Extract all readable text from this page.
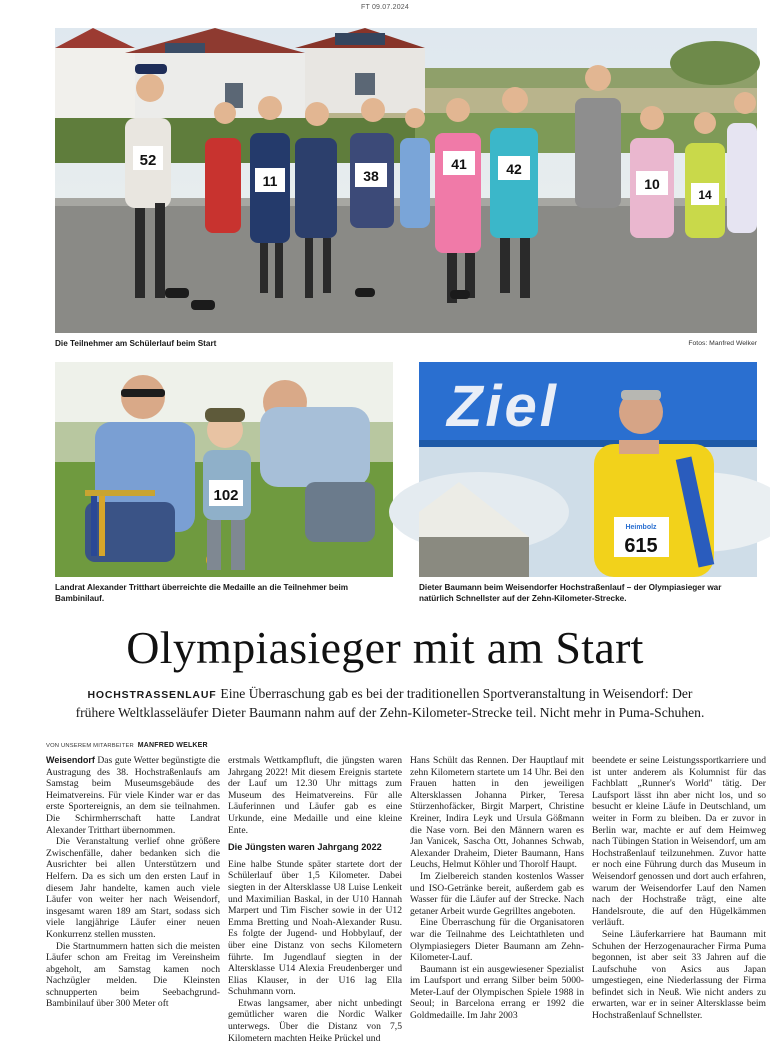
FT 09.07.2024
52
11	38
41	42
10
14
Die Teilnehmer am Schülerlauf beim Start	Fotos: Manfred Welker
102
Landrat Alexander Tritthart überreichte die Medaille an die Teilnehmer beim Bambinilauf.
Ziel
Heimbolz
615
Dieter Baumann beim Weisendorfer Hochstraßenlauf – der Olympiasieger war natürlich Schnellster auf der Zehn-Kilometer-Strecke.
Olympiasieger mit am Start
HOCHSTRASSENLAUF Eine Überraschung gab es bei der traditionellen Sportveranstaltung in Weisendorf: Der frühere Weltklasseläufer Dieter Baumann nahm auf der Zehn-Kilometer-Strecke teil. Nicht mehr in Puma-Schuhen.
VON UNSEREM MITARBEITER MANFRED WELKER

Weisendorf Das gute Wetter begünstigte die Austragung des 38. Hochstraßenlaufs am Samstag beim Museumsgebäude des Heimatvereins. Für viele Kinder war er das erste Sportereignis, an dem sie teilnahmen. Die Schirmherrschaft hatte Landrat Alexander Tritthart übernommen.

Die Veranstaltung verlief ohne größere Zwischenfälle, daher bedanken sich die Ausrichter bei allen Unterstützern und Helfern. Da es sich um den ersten Lauf in diesem Jahr handelte, kamen auch viele Läufer von weiter her nach Weisendorf, insgesamt waren 189 am Start, sodass sich viele langjährige Läufer einer neuen Konkurrenz stellen mussten.

Die Startnummern hatten sich die meisten Läufer schon am Freitag im Vereinsheim abgeholt, am Samstag kamen noch Nachzügler melden. Die Kleinsten schnupperten beim Seebachgrund-Bambinilauf über 300 Meter oft

erstmals Wettkampfluft, die jüngsten waren Jahrgang 2022! Mit diesem Ereignis startete der Lauf um 12.30 Uhr mittags zum Museum des Heimatvereins. Für alle Läuferinnen und Läufer gab es eine Urkunde, eine Medaille und eine kleine Ente.

Die Jüngsten waren Jahrgang 2022

Eine halbe Stunde später startete dort der Schülerlauf über 1,5 Kilometer. Dabei siegten in der Altersklasse U8 Luise Lenkeit und Maximilian Baskal, in der U10 Hannah Marpert und Tim Fischer sowie in der U12 Emma Bretting und Noah-Alexander Rusu. Es folgte der Jugend- und Hobbylauf, der über eine Distanz von sechs Kilometern führte. Im Jugendlauf siegten in der Altersklasse U14 Alexia Freudenberger und Elias Klauser, in der U16 lag Ella Schuhmann vorn.

Etwas langsamer, aber nicht unbedingt gemütlicher waren die Nordic Walker unterwegs. Über die Distanz von 7,5 Kilometern machten Heike Prückel und

Hans Schült das Rennen. Der Hauptlauf mit zehn Kilometern startete um 14 Uhr. Bei den Frauen hatten in den jeweiligen Altersklassen Johanna Pirker, Teresa Stürzenhofäcker, Birgit Marpert, Christine Kreiner, Indira Leyk und Ursula Gößmann die Nase vorn. Bei den Männern waren es Jan Vanicek, Sascha Ott, Johannes Schwab, Alexander Draheim, Dieter Baumann, Hans Leuchs, Helmut Köhler und Thorolf Haupt.

Im Zielbereich standen kostenlos Wasser und ISO-Getränke bereit, außerdem gab es Wasser für die Läufer auf der Strecke. Nach getaner Arbeit wurde Gegrilltes angeboten.

Eine Überraschung für die Organisatoren war die Teilnahme des Leichtathleten und Olympiasiegers Dieter Baumann am Zehn-Kilometer-Lauf.

Baumann ist ein ausgewiesener Spezialist im Laufsport und errang Silber beim 5000-Meter-Lauf der Olympischen Spiele 1988 in Seoul; in Barcelona errang er 1992 die Goldmedaille. Im Jahr 2003

beendete er seine Leistungssportkarriere und ist unter anderem als Kolumnist für das Fachblatt „Runner's World" tätig. Der Laufsport lässt ihn aber nicht los, und so besucht er kleine Läufe in Deutschland, um weiter in Form zu bleiben. Da er zuvor in Berlin war, machte er auf dem Heimweg nach Tübingen Station in Weisendorf, um am Hochstraßenlauf teilzunehmen. Zuvor hatte er noch eine Führung durch das Museum in Weisendorf genossen und dort auch erfahren, warum der Weisendorfer Lauf den Namen nach der Hochstraße trägt, eine alte Handelsroute, die auf den Hügelkämmen verläuft.

Seine Läuferkarriere hat Baumann mit Schuhen der Herzogenauracher Firma Puma begonnen, ist aber seit 33 Jahren auf die Laufschuhe von Asics aus Japan umgestiegen, eine Niederlassung der Firma befindet sich in Neuß. Wie nicht anders zu erwarten, war er in seiner Altersklasse beim Hochstraßenlauf Schnellster.
